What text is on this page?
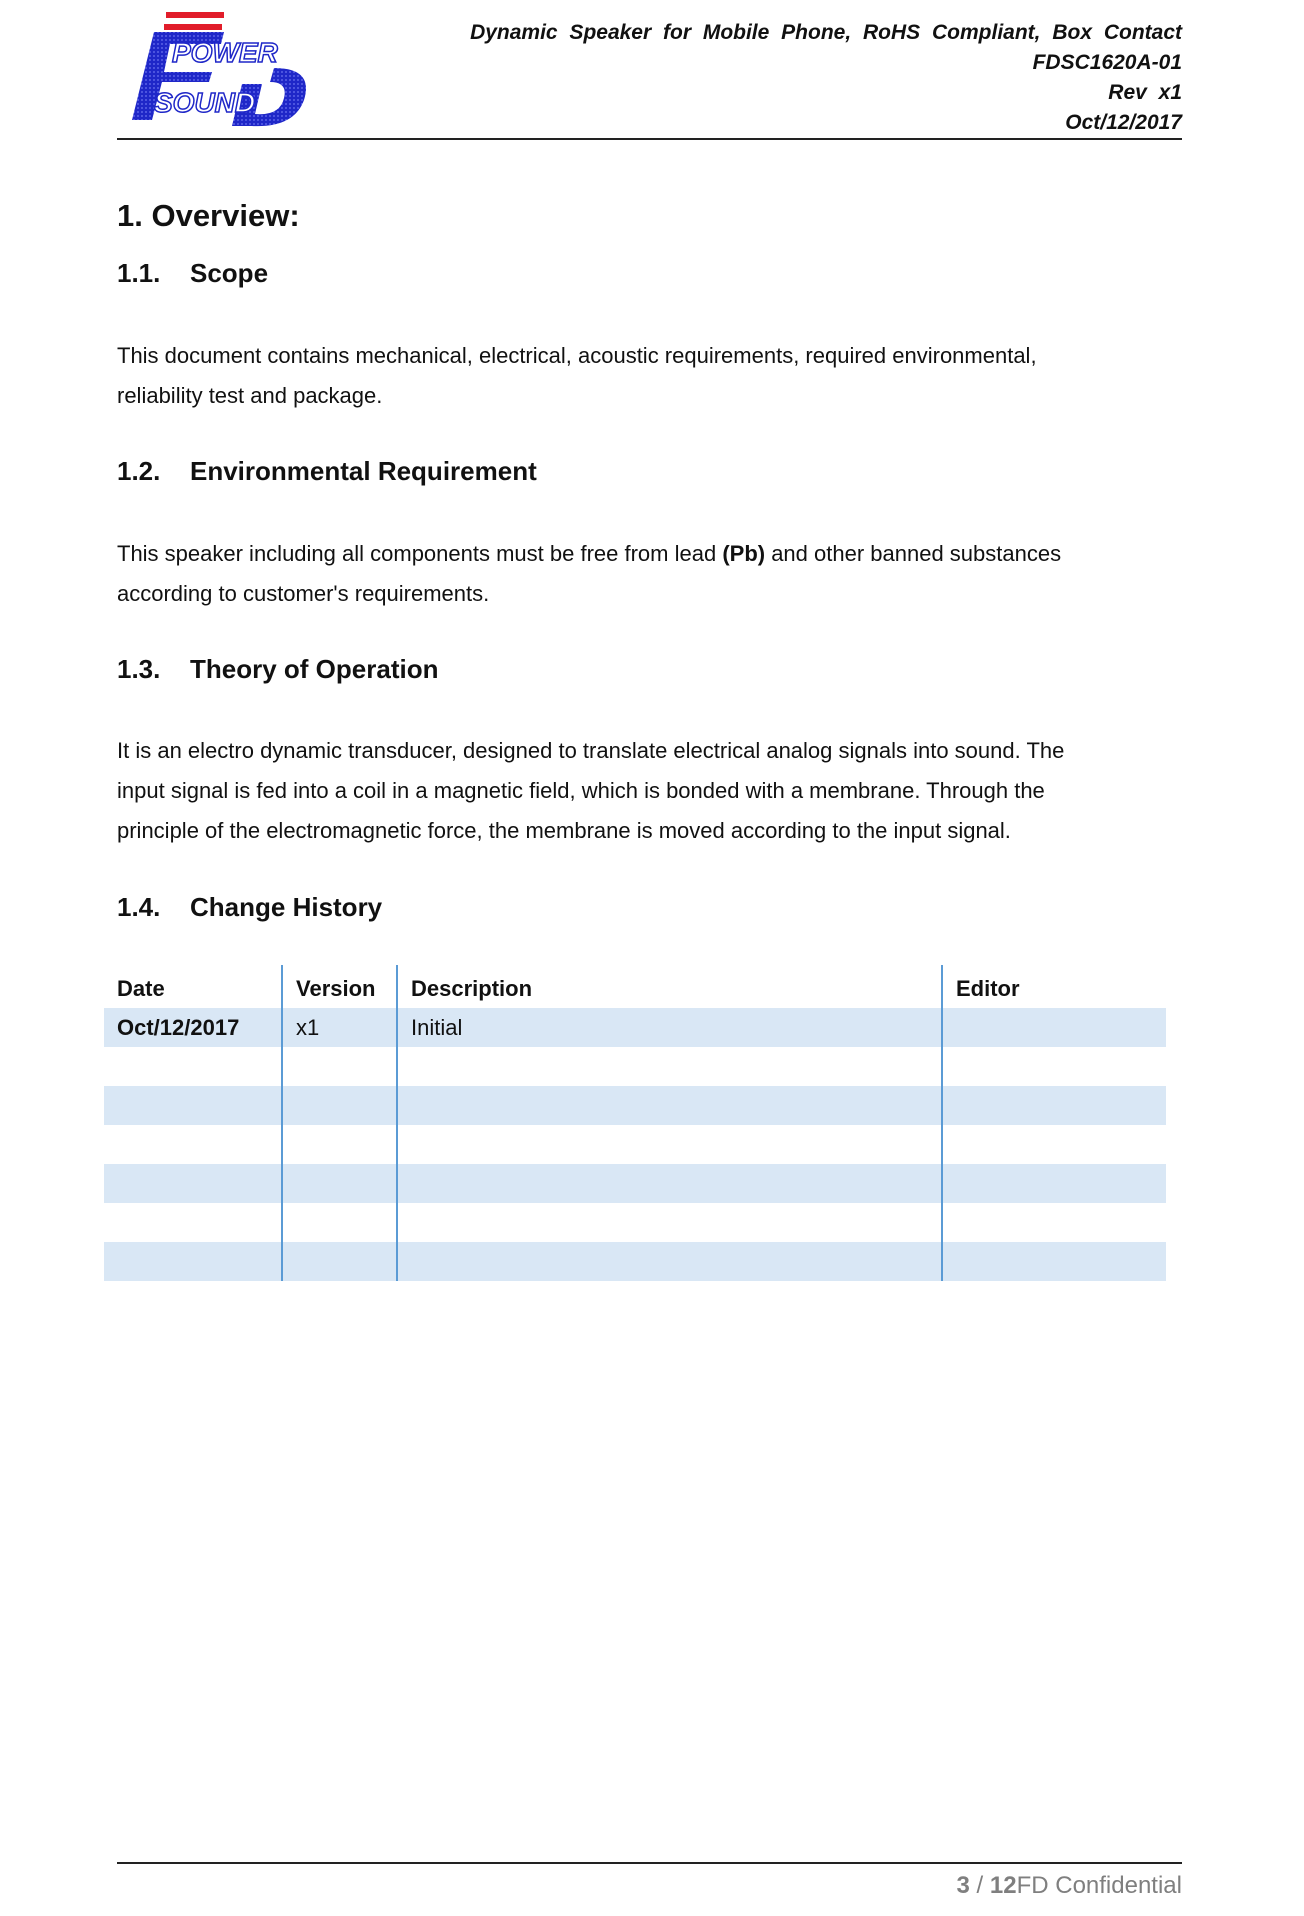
POWER
SOUND
Dynamic Speaker for Mobile Phone, RoHS Compliant, Box Contact
FDSC1620A-01
Rev x1
Oct/12/2017
1. Overview:
1.1. Scope
This document contains mechanical, electrical, acoustic requirements, required environmental, reliability test and package.
1.2. Environmental Requirement
This speaker including all components must be free from lead (Pb) and other banned substances according to customer's requirements.
1.3. Theory of Operation
It is an electro dynamic transducer, designed to translate electrical analog signals into sound. The input signal is fed into a coil in a magnetic field, which is bonded with a membrane. Through the principle of the electromagnetic force, the membrane is moved according to the input signal.
1.4. Change History
Date	Version	Description	Editor
Oct/12/2017	x1	Initial	

3 / 12FD Confidential
